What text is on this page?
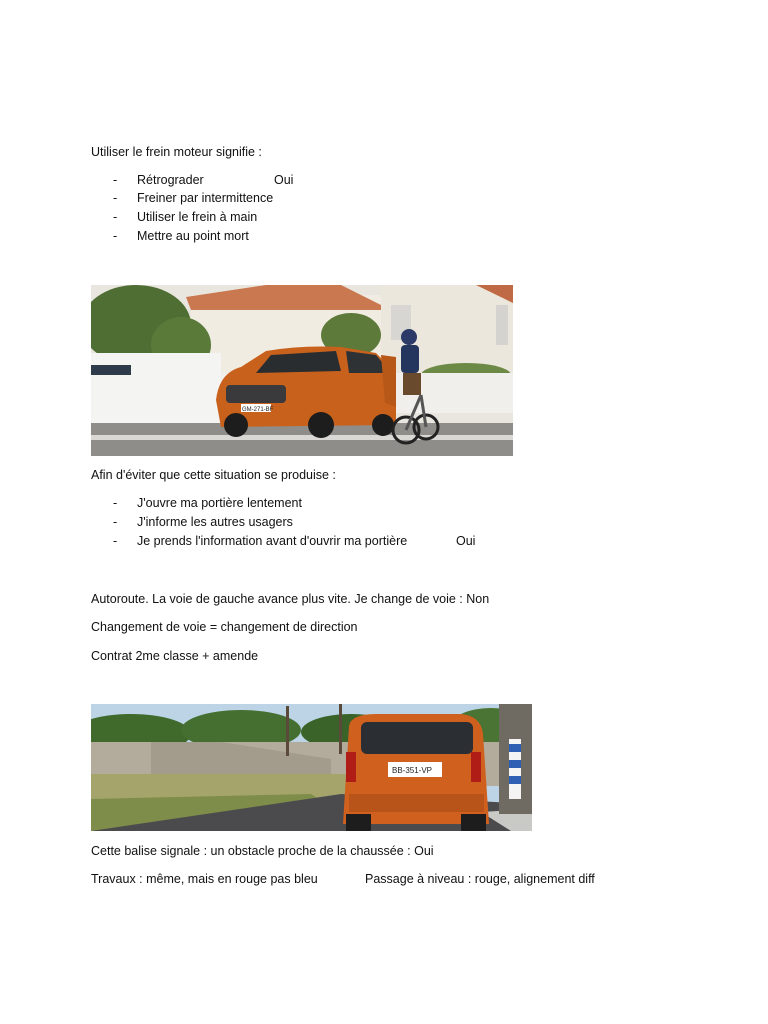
Utiliser le frein moteur signifie :
- Rétrograder	Oui
- Freiner par intermittence
- Utiliser le frein à main
- Mettre au point mort
GM-271-BF
Afin d'éviter que cette situation se produise :
- J'ouvre ma portière lentement
- J'informe les autres usagers
- Je prends l'information avant d'ouvrir ma portière	Oui
Autoroute. La voie de gauche avance plus vite. Je change de voie : Non
Changement de voie = changement de direction
Contrat 2me classe + amende
BB-351-VP
Cette balise signale : un obstacle proche de la chaussée : Oui
Travaux : même, mais en rouge pas bleu	Passage à niveau : rouge, alignement diff
